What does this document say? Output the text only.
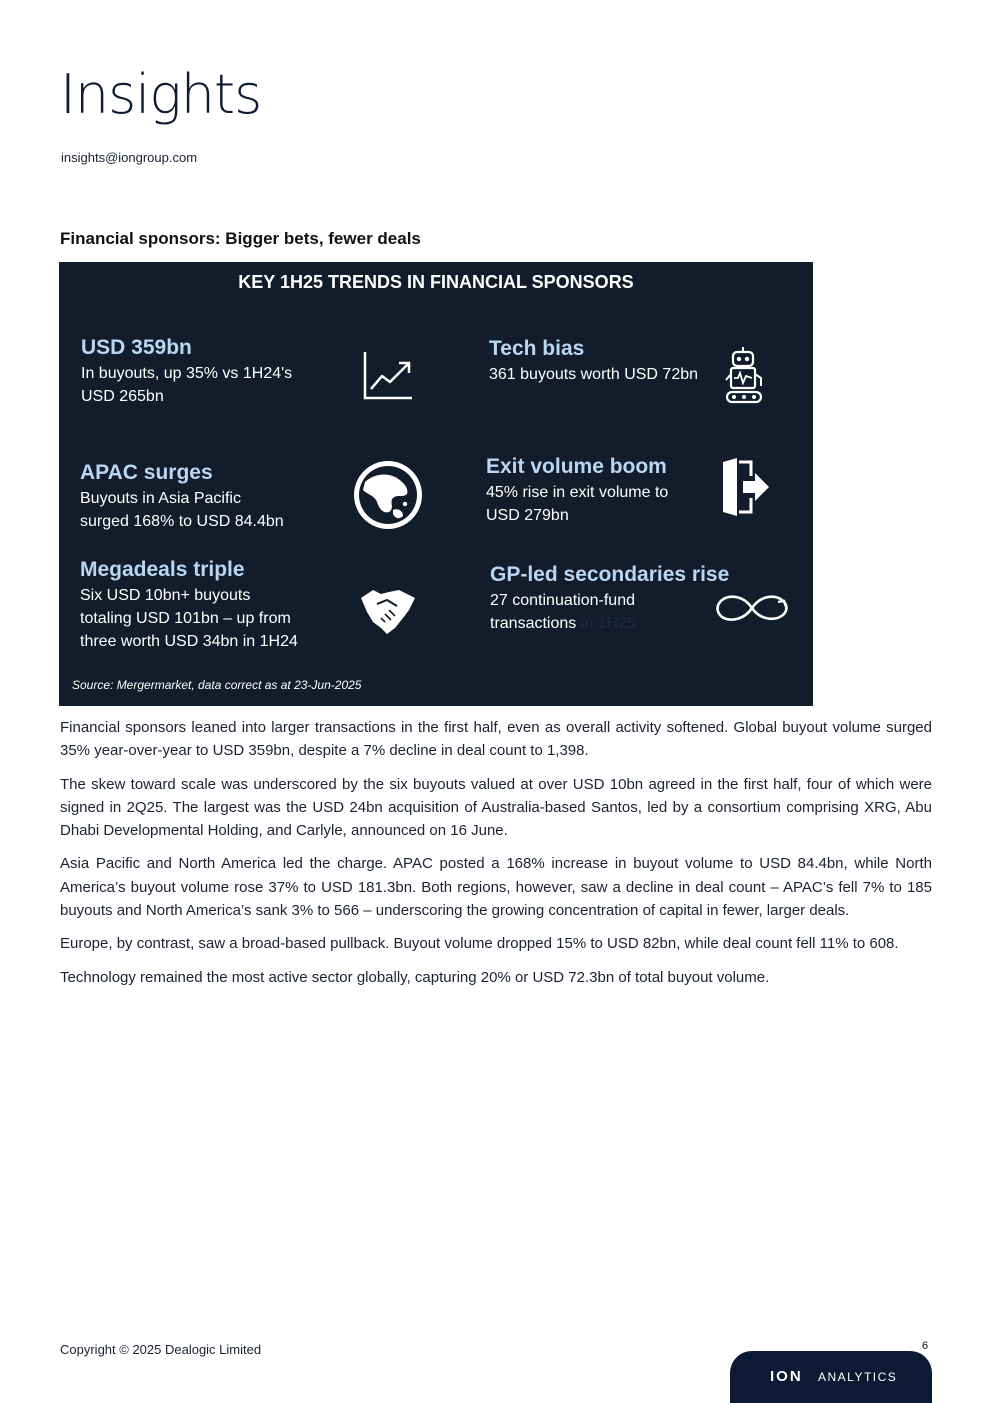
Insights
insights@iongroup.com
Financial sponsors: Bigger bets, fewer deals
KEY 1H25 TRENDS IN FINANCIAL SPONSORS
USD 359bn
In buyouts, up 35% vs 1H24's
USD 265bn
Tech bias
361 buyouts worth USD 72bn
APAC surges
Buyouts in Asia Pacific
surged 168% to USD 84.4bn
Exit volume boom
45% rise in exit volume to
USD 279bn
Megadeals triple
Six USD 10bn+ buyouts
totaling USD 101bn – up from
three worth USD 34bn in 1H24
GP-led secondaries rise
27 continuation-fund
transactions in 1H25
Source: Mergermarket, data correct as at 23-Jun-2025

Financial sponsors leaned into larger transactions in the first half, even as overall activity softened. Global buyout volume surged 35% year-over-year to USD 359bn, despite a 7% decline in deal count to 1,398.

The skew toward scale was underscored by the six buyouts valued at over USD 10bn agreed in the first half, four of which were signed in 2Q25. The largest was the USD 24bn acquisition of Australia-based Santos, led by a consortium comprising XRG, Abu Dhabi Developmental Holding, and Carlyle, announced on 16 June.

Asia Pacific and North America led the charge. APAC posted a 168% increase in buyout volume to USD 84.4bn, while North America’s buyout volume rose 37% to USD 181.3bn. Both regions, however, saw a decline in deal count – APAC’s fell 7% to 185 buyouts and North America’s sank 3% to 566 – underscoring the growing concentration of capital in fewer, larger deals.

Europe, by contrast, saw a broad-based pullback. Buyout volume dropped 15% to USD 82bn, while deal count fell 11% to 608.

Technology remained the most active sector globally, capturing 20% or USD 72.3bn of total buyout volume.

Copyright © 2025 Dealogic Limited	6
ION ANALYTICS
